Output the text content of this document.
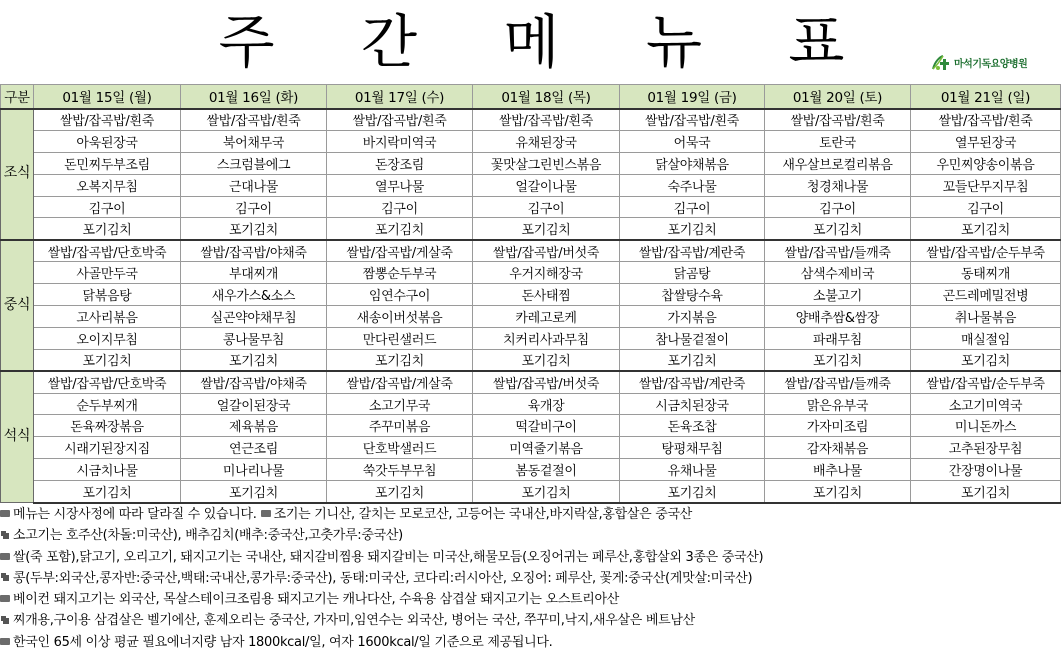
주 간 메 뉴 표	마석기독요양병원
구분	01월 15일 (월)	01월 16일 (화)	01월 17일 (수)	01월 18일 (목)	01월 19일 (금)	01월 20일 (토)	01월 21일 (일)
조식	쌀밥/잡곡밥/흰죽	쌀밥/잡곡밥/흰죽	쌀밥/잡곡밥/흰죽	쌀밥/잡곡밥/흰죽	쌀밥/잡곡밥/흰죽	쌀밥/잡곡밥/흰죽	쌀밥/잡곡밥/흰죽
	아욱된장국	북어채무국	바지락미역국	유채된장국	어묵국	토란국	열무된장국
	돈민찌두부조림	스크럼블에그	돈장조림	꽃맛살그린빈스볶음	닭살야채볶음	새우살브로컬리볶음	우민찌양송이볶음
	오복지무침	근대나물	열무나물	얼갈이나물	숙주나물	청경채나물	꼬들단무지무침
	김구이	김구이	김구이	김구이	김구이	김구이	김구이
	포기김치	포기김치	포기김치	포기김치	포기김치	포기김치	포기김치
중식	쌀밥/잡곡밥/단호박죽	쌀밥/잡곡밥/야채죽	쌀밥/잡곡밥/게살죽	쌀밥/잡곡밥/버섯죽	쌀밥/잡곡밥/계란죽	쌀밥/잡곡밥/들깨죽	쌀밥/잡곡밥/순두부죽
	사골만두국	부대찌개	짬뽕순두부국	우거지해장국	닭곰탕	삼색수제비국	동태찌개
	닭볶음탕	새우가스&소스	임연수구이	돈사태찜	찹쌀탕수육	소불고기	곤드레메밀전병
	고사리볶음	실곤약야채무침	새송이버섯볶음	카레고로케	가지볶음	양배추쌈&쌈장	취나물볶음
	오이지무침	콩나물무침	만다린샐러드	치커리사과무침	참나물겉절이	파래무침	매실절임
	포기김치	포기김치	포기김치	포기김치	포기김치	포기김치	포기김치
석식	쌀밥/잡곡밥/단호박죽	쌀밥/잡곡밥/야채죽	쌀밥/잡곡밥/게살죽	쌀밥/잡곡밥/버섯죽	쌀밥/잡곡밥/계란죽	쌀밥/잡곡밥/들깨죽	쌀밥/잡곡밥/순두부죽
	순두부찌개	얼갈이된장국	소고기무국	육개장	시금치된장국	맑은유부국	소고기미역국
	돈육짜장볶음	제육볶음	주꾸미볶음	떡갈비구이	돈육조찹	가자미조림	미니돈까스
	시래기된장지짐	연근조림	단호박샐러드	미역줄기볶음	탕평채무침	감자채볶음	고추된장무침
	시금치나물	미나리나물	쑥갓두부무침	봄동겉절이	유채나물	배추나물	간장명이나물
	포기김치	포기김치	포기김치	포기김치	포기김치	포기김치	포기김치
메뉴는 시장사정에 따라 달라질 수 있습니다. 조기는 기니산, 갈치는 모로코산, 고등어는 국내산,바지락살,홍합살은 중국산
소고기는 호주산(차돌:미국산), 배추김치(배추:중국산,고춧가루:중국산)
쌀(죽 포함),닭고기, 오리고기, 돼지고기는 국내산, 돼지갈비찜용 돼지갈비는 미국산,해물모듬(오징어귀는 페루산,홍합살외 3종은 중국산)
콩(두부:외국산,콩자반:중국산,백태:국내산,콩가루:중국산), 동태:미국산, 코다리:러시아산, 오징어: 페루산, 꽃게:중국산(게맛살:미국산)
베이컨 돼지고기는 외국산, 목살스테이크조림용 돼지고기는 캐나다산, 수육용 삼겹살 돼지고기는 오스트리아산
찌개용,구이용 삼겹살은 벨기에산, 훈제오리는 중국산, 가자미,임연수는 외국산, 병어는 국산, 쭈꾸미,낙지,새우살은 베트남산
한국인 65세 이상 평균 필요에너지량 남자 1800kcal/일, 여자 1600kcal/일 기준으로 제공됩니다.
